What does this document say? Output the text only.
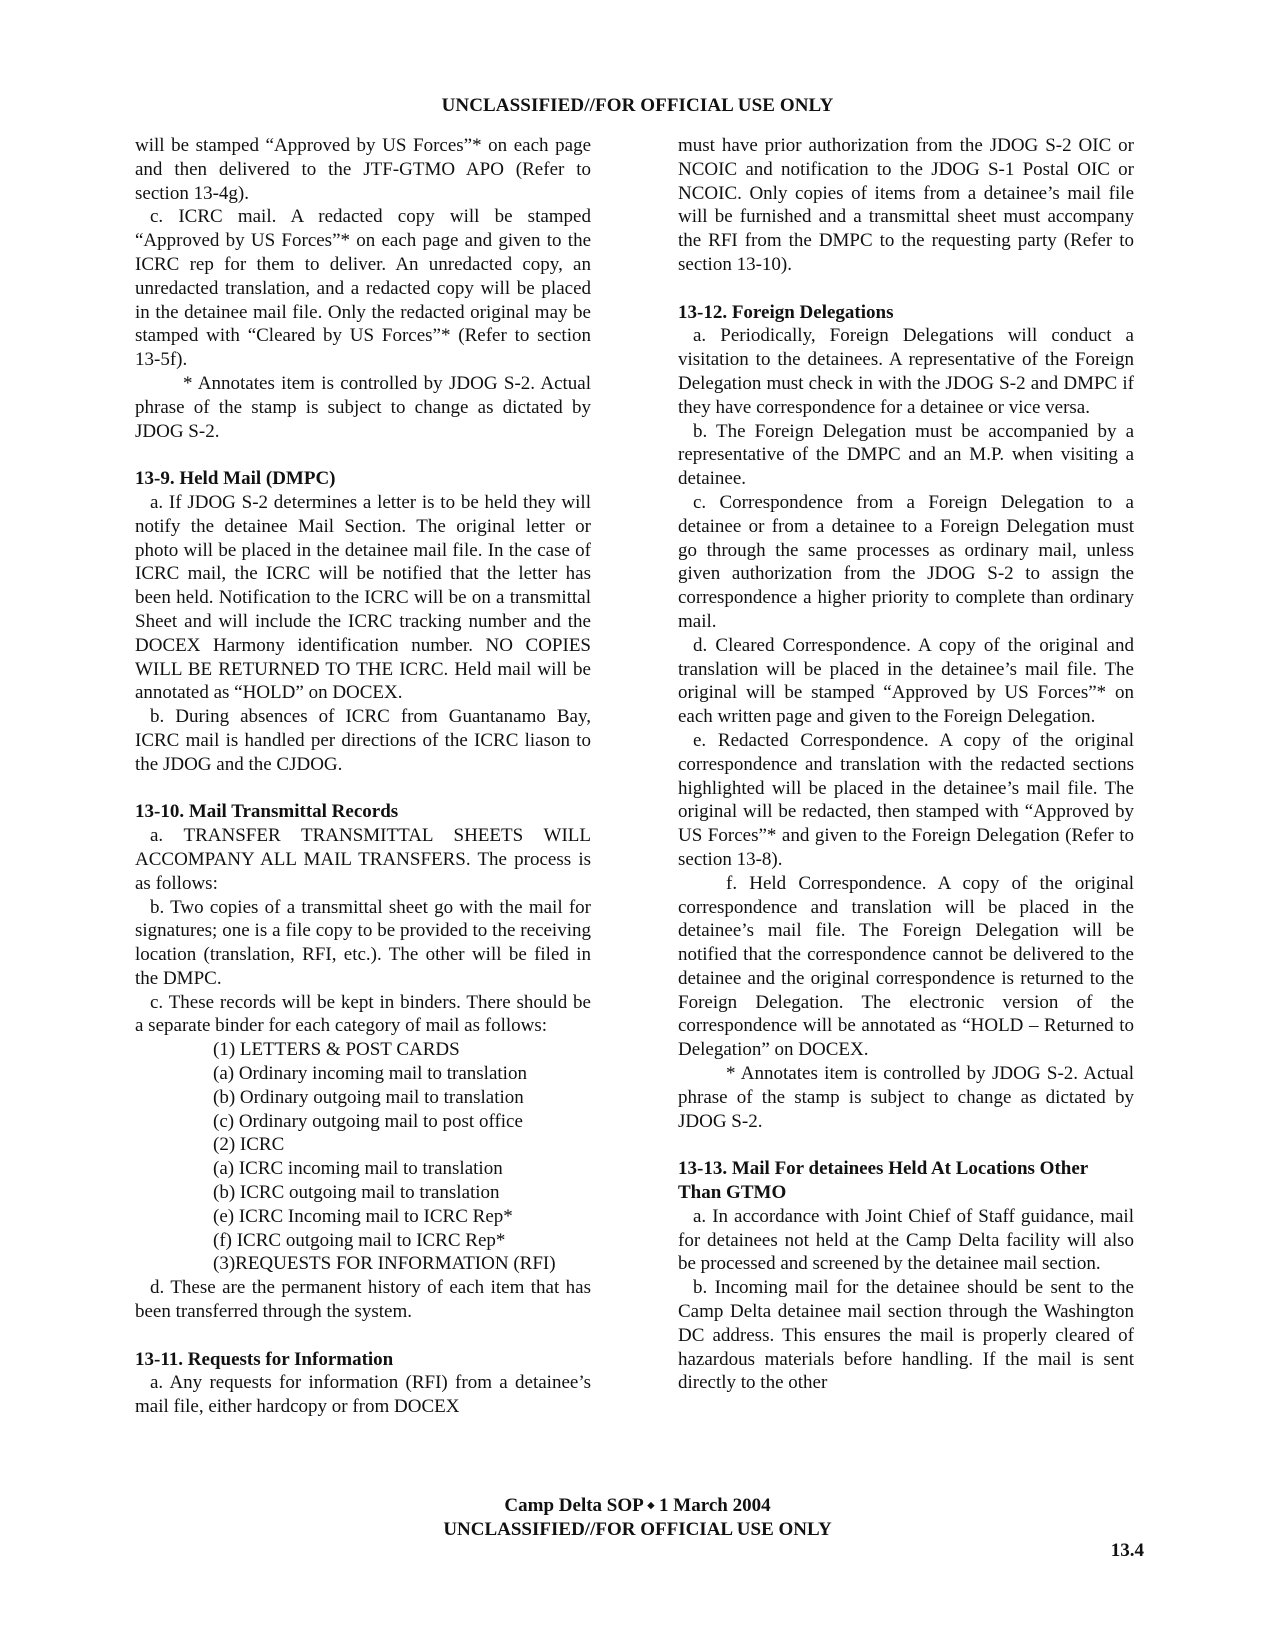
UNCLASSIFIED//FOR OFFICIAL USE ONLY

will be stamped “Approved by US Forces”* on each page and then delivered to the JTF-GTMO APO (Refer to section 13-4g).

c. ICRC mail. A redacted copy will be stamped “Approved by US Forces”* on each page and given to the ICRC rep for them to deliver. An unredacted copy, an unredacted translation, and a redacted copy will be placed in the detainee mail file. Only the redacted original may be stamped with “Cleared by US Forces”* (Refer to section 13-5f).

* Annotates item is controlled by JDOG S-2. Actual phrase of the stamp is subject to change as dictated by JDOG S-2.

13-9. Held Mail (DMPC)

a. If JDOG S-2 determines a letter is to be held they will notify the detainee Mail Section. The original letter or photo will be placed in the detainee mail file. In the case of ICRC mail, the ICRC will be notified that the letter has been held. Notification to the ICRC will be on a transmittal Sheet and will include the ICRC tracking number and the DOCEX Harmony identification number. NO COPIES WILL BE RETURNED TO THE ICRC. Held mail will be annotated as “HOLD” on DOCEX.

b. During absences of ICRC from Guantanamo Bay, ICRC mail is handled per directions of the ICRC liason to the JDOG and the CJDOG.

13-10. Mail Transmittal Records

a. TRANSFER TRANSMITTAL SHEETS WILL ACCOMPANY ALL MAIL TRANSFERS. The process is as follows:

b. Two copies of a transmittal sheet go with the mail for signatures; one is a file copy to be provided to the receiving location (translation, RFI, etc.). The other will be filed in the DMPC.

c. These records will be kept in binders. There should be a separate binder for each category of mail as follows:

(1) LETTERS & POST CARDS
(a) Ordinary incoming mail to translation
(b) Ordinary outgoing mail to translation
(c) Ordinary outgoing mail to post office
(2) ICRC
(a) ICRC incoming mail to translation
(b) ICRC outgoing mail to translation
(e) ICRC Incoming mail to ICRC Rep*
(f) ICRC outgoing mail to ICRC Rep*
(3)REQUESTS FOR INFORMATION (RFI)

d. These are the permanent history of each item that has been transferred through the system.

13-11. Requests for Information

a. Any requests for information (RFI) from a detainee’s mail file, either hardcopy or from DOCEX

must have prior authorization from the JDOG S-2 OIC or NCOIC and notification to the JDOG S-1 Postal OIC or NCOIC. Only copies of items from a detainee’s mail file will be furnished and a transmittal sheet must accompany the RFI from the DMPC to the requesting party (Refer to section 13-10).

13-12. Foreign Delegations

a. Periodically, Foreign Delegations will conduct a visitation to the detainees. A representative of the Foreign Delegation must check in with the JDOG S-2 and DMPC if they have correspondence for a detainee or vice versa.

b. The Foreign Delegation must be accompanied by a representative of the DMPC and an M.P. when visiting a detainee.

c. Correspondence from a Foreign Delegation to a detainee or from a detainee to a Foreign Delegation must go through the same processes as ordinary mail, unless given authorization from the JDOG S-2 to assign the correspondence a higher priority to complete than ordinary mail.

d. Cleared Correspondence. A copy of the original and translation will be placed in the detainee’s mail file. The original will be stamped “Approved by US Forces”* on each written page and given to the Foreign Delegation.

e. Redacted Correspondence. A copy of the original correspondence and translation with the redacted sections highlighted will be placed in the detainee’s mail file. The original will be redacted, then stamped with “Approved by US Forces”* and given to the Foreign Delegation (Refer to section 13-8).

f. Held Correspondence. A copy of the original correspondence and translation will be placed in the detainee’s mail file. The Foreign Delegation will be notified that the correspondence cannot be delivered to the detainee and the original correspondence is returned to the Foreign Delegation. The electronic version of the correspondence will be annotated as “HOLD – Returned to Delegation” on DOCEX.

* Annotates item is controlled by JDOG S-2. Actual phrase of the stamp is subject to change as dictated by JDOG S-2.

13-13. Mail For detainees Held At Locations Other Than GTMO

a. In accordance with Joint Chief of Staff guidance, mail for detainees not held at the Camp Delta facility will also be processed and screened by the detainee mail section.

b. Incoming mail for the detainee should be sent to the Camp Delta detainee mail section through the Washington DC address. This ensures the mail is properly cleared of hazardous materials before handling. If the mail is sent directly to the other

Camp Delta SOP ⬩ 1 March 2004
UNCLASSIFIED//FOR OFFICIAL USE ONLY
13.4
